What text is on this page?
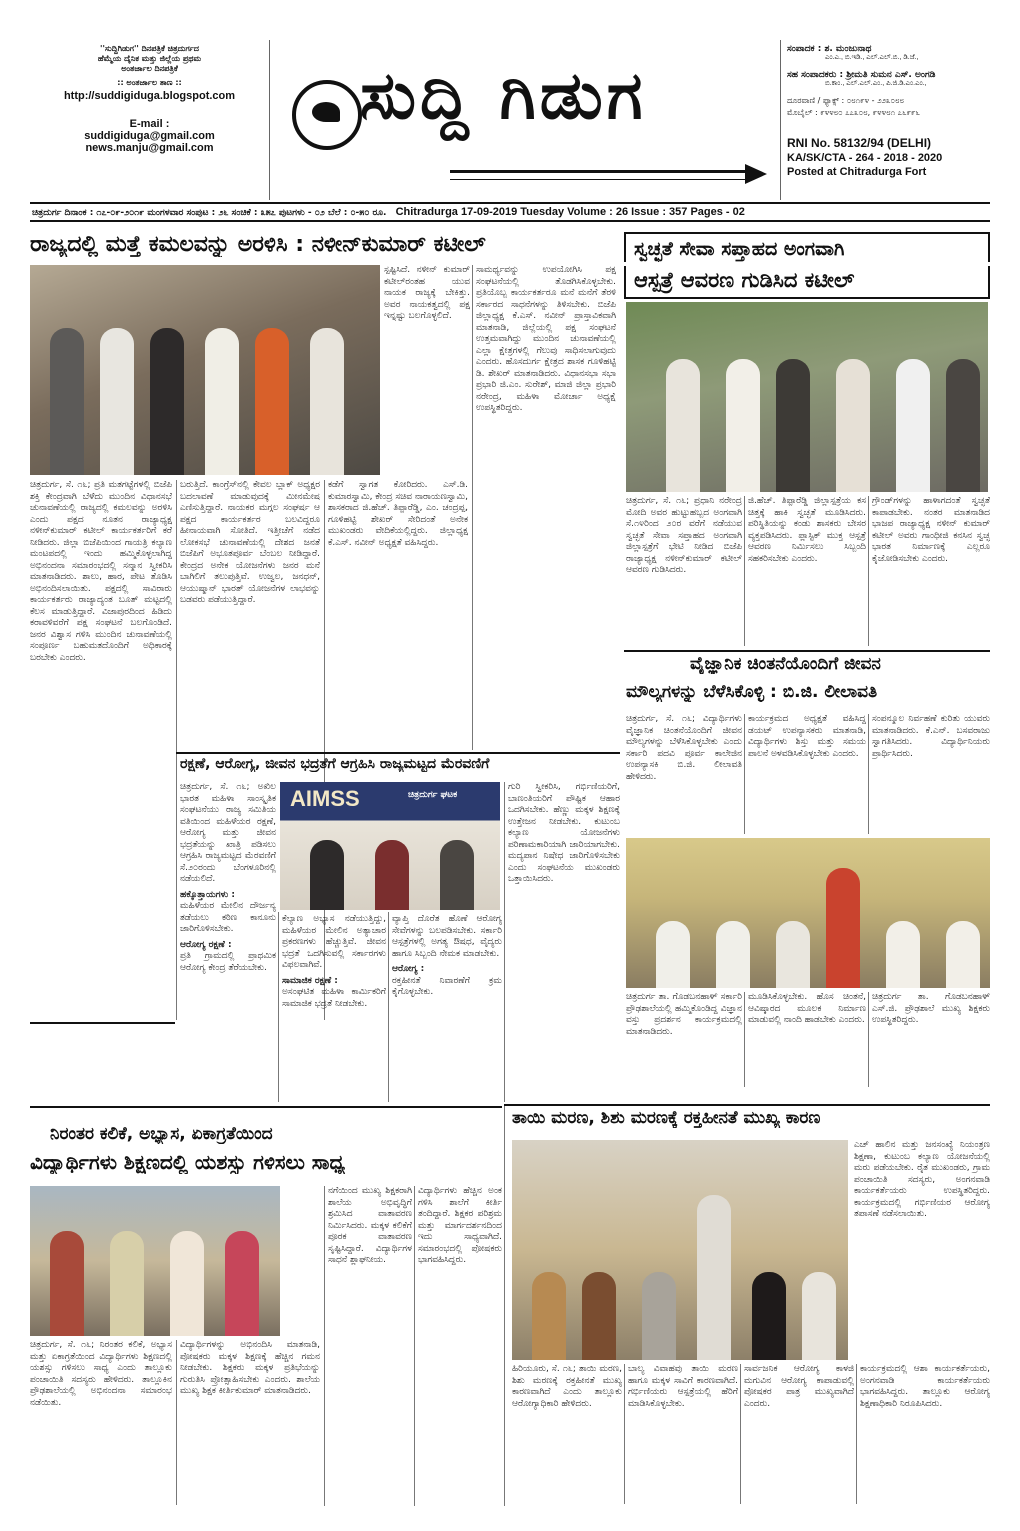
''ಸುದ್ದಿಗಿಡುಗ'' ದಿನಪತ್ರಿಕೆ ಚಿತ್ರದುರ್ಗದ
ಹೆಮ್ಮೆಯ ದೈನಿಕ ಮತ್ತು ಜಿಲ್ಲೆಯ ಪ್ರಥಮ
ಅಂತರ್ಜಾಲ ದಿನಪತ್ರಿಕೆ
:: ಅಂತರ್ಜಾಲ ತಾಣ ::
http://suddigiduga.blogspot.com
E-mail :
suddigiduga@gmail.com
news.manju@gmail.com
ಸುದ್ದಿ ಗಿಡುಗ
ಸಂಪಾದಕ : ಶ. ಮಂಜುನಾಥ
ಎಂ.ಎ., ಬಿ.ಇಡಿ., ಎಲ್.ಎಲ್.ಬಿ., ಡಿ.ಜೆ.,
ಸಹ ಸಂಪಾದಕರು : ಶ್ರೀಮತಿ ಸುಮನ ಎಸ್. ಅಂಗಡಿ
ಬಿ.ಕಾಂ., ಎಲ್.ಎಲ್.ಎಂ., ಪಿ.ಜಿ.ಡಿ.ಎಂ.ಎಂ.,
ದೂರವಾಣಿ / ಫ್ಯಾಕ್ಸ್ : ೦೮೧೯೪ - ೨೨೩೦೮೮
ಮೊಬೈಲ್ : ೯೪೪೮೦ ೭೭೩೦೮, ೯೪೪೮೧ ೭೬೯೯೬
RNI No. 58132/94 (DELHI)
KA/SK/CTA - 264 - 2018 - 2020
Posted at Chitradurga Fort
ಚಿತ್ರದುರ್ಗ ದಿನಾಂಕ : ೧೭-೦೯-೨೦೧೯ ಮಂಗಳವಾರ ಸಂಪುಟ : ೨೬ ಸಂಚಿಕೆ : ೩೫೭ ಪುಟಗಳು - ೦೨ ಬೆಲೆ : ೦-೫೦ ರೂ. Chitradurga 17-09-2019 Tuesday Volume : 26 Issue : 357 Pages - 02
ರಾಜ್ಯದಲ್ಲಿ ಮತ್ತೆ ಕಮಲವನ್ನು ಅರಳಿಸಿ : ನಳೀನ್‌ಕುಮಾರ್ ಕಟೀಲ್
ಚಿತ್ರದುರ್ಗ, ಸೆ. ೧೬; ಪ್ರತಿ ಮತಗಟ್ಟೆಗಳಲ್ಲಿ ಬಿಜೆಪಿ ಶಕ್ತಿ ಕೇಂದ್ರವಾಗಿ ಬೆಳೆದು ಮುಂದಿನ ವಿಧಾನಸಭೆ ಚುನಾವಣೆಯಲ್ಲಿ ರಾಜ್ಯದಲ್ಲಿ ಕಮಲವನ್ನು ಅರಳಿಸಿ ಎಂದು ಪಕ್ಷದ ನೂತನ ರಾಜ್ಯಾಧ್ಯಕ್ಷ ನಳೀನ್‌ಕುಮಾರ್ ಕಟೀಲ್ ಕಾರ್ಯಕರ್ತರಿಗೆ ಕರೆ ನೀಡಿದರು. ಜಿಲ್ಲಾ ಬಿಜೆಪಿಯಿಂದ ಗಾಯತ್ರಿ ಕಲ್ಯಾಣ ಮಂಟಪದಲ್ಲಿ ಇಂದು ಹಮ್ಮಿಕೊಳ್ಳಲಾಗಿದ್ದ ಅಭಿನಂದನಾ ಸಮಾರಂಭದಲ್ಲಿ ಸನ್ಮಾನ ಸ್ವೀಕರಿಸಿ ಮಾತನಾಡಿದರು. ಶಾಲು, ಹಾರ, ಪೇಟ ತೊಡಿಸಿ ಅಭಿನಂದಿಸಲಾಯಿತು. ಪಕ್ಷದಲ್ಲಿ ಸಾವಿರಾರು ಕಾರ್ಯಕರ್ತರು ರಾಜ್ಯಾದ್ಯಂತ ಬೂತ್ ಮಟ್ಟದಲ್ಲಿ ಕೆಲಸ ಮಾಡುತ್ತಿದ್ದಾರೆ. ವಿಜಾಪುರದಿಂದ ಹಿಡಿದು ಕರಾವಳಿವರೆಗೆ ಪಕ್ಷ ಸಂಘಟನೆ ಬಲಗೊಂಡಿದೆ. ಜನರ ವಿಶ್ವಾಸ ಗಳಿಸಿ ಮುಂದಿನ ಚುನಾವಣೆಯಲ್ಲಿ ಸಂಪೂರ್ಣ ಬಹುಮತದೊಂದಿಗೆ ಅಧಿಕಾರಕ್ಕೆ ಬರಬೇಕು ಎಂದರು.
ಬರುತ್ತಿದೆ. ಕಾಂಗ್ರೆಸ್‌ನಲ್ಲಿ ಕೇವಲ ಬ್ಲಾಕ್ ಅಧ್ಯಕ್ಷರ ಬದಲಾವಣೆ ಮಾಡುವುದಕ್ಕೆ ಮೀನಮೇಷ ಎಣಿಸುತ್ತಿದ್ದಾರೆ. ನಾಯಕರ ಮಗ್ಗಲ ಸಂಘರ್ಷ ಆ ಪಕ್ಷದ ಕಾರ್ಯಕರ್ತರ ಬಲವಿದ್ದರೂ ಹೀನಾಯವಾಗಿ ಸೋತಿದೆ. ಇತ್ತೀಚೆಗೆ ನಡೆದ ಲೋಕಸಭೆ ಚುನಾವಣೆಯಲ್ಲಿ ದೇಶದ ಜನತೆ ಬಿಜೆಪಿಗೆ ಅಭೂತಪೂರ್ವ ಬೆಂಬಲ ನೀಡಿದ್ದಾರೆ. ಕೇಂದ್ರದ ಅನೇಕ ಯೋಜನೆಗಳು ಜನರ ಮನೆ ಬಾಗಿಲಿಗೆ ತಲುಪುತ್ತಿವೆ. ಉಜ್ವಲ, ಜನಧನ್, ಆಯುಷ್ಮಾನ್ ಭಾರತ್ ಯೋಜನೆಗಳ ಲಾಭವನ್ನು ಬಡವರು ಪಡೆಯುತ್ತಿದ್ದಾರೆ.
ಕಡೆಗೆ ಸ್ವಾಗತ ಕೋರಿದರು. ಎಸ್.ಡಿ. ಕುಮಾರಸ್ವಾಮಿ, ಕೇಂದ್ರ ಸಚಿವ ನಾರಾಯಣಸ್ವಾಮಿ, ಶಾಸಕರಾದ ಜಿ.ಹೆಚ್. ತಿಪ್ಪಾರೆಡ್ಡಿ, ಎಂ. ಚಂದ್ರಪ್ಪ, ಗೂಳಿಹಟ್ಟಿ ಶೇಖರ್ ಸೇರಿದಂತೆ ಅನೇಕ ಮುಖಂಡರು ವೇದಿಕೆಯಲ್ಲಿದ್ದರು. ಜಿಲ್ಲಾಧ್ಯಕ್ಷ ಕೆ.ಎಸ್. ನವೀನ್ ಅಧ್ಯಕ್ಷತೆ ವಹಿಸಿದ್ದರು.
ಸ್ಪಷ್ಟಿಸಿದೆ. ನಳೀನ್ ಕುಮಾರ್ ಕಟೀಲ್‌ರಂತಹ ಯುವ ನಾಯಕ ರಾಜ್ಯಕ್ಕೆ ಬೇಕಿತ್ತು. ಅವರ ನಾಯಕತ್ವದಲ್ಲಿ ಪಕ್ಷ ಇನ್ನಷ್ಟು ಬಲಗೊಳ್ಳಲಿದೆ.
ಸಾಮರ್ಥ್ಯವನ್ನು ಉಪಯೋಗಿಸಿ ಪಕ್ಷ ಸಂಘಟನೆಯಲ್ಲಿ ತೊಡಗಿಸಿಕೊಳ್ಳಬೇಕು. ಪ್ರತಿಯೊಬ್ಬ ಕಾರ್ಯಕರ್ತರೂ ಮನೆ ಮನೆಗೆ ತೆರಳಿ ಸರ್ಕಾರದ ಸಾಧನೆಗಳನ್ನು ತಿಳಿಸಬೇಕು. ಬಿಜೆಪಿ ಜಿಲ್ಲಾಧ್ಯಕ್ಷ ಕೆ.ಎಸ್. ನವೀನ್ ಪ್ರಾಸ್ತಾವಿಕವಾಗಿ ಮಾತನಾಡಿ, ಜಿಲ್ಲೆಯಲ್ಲಿ ಪಕ್ಷ ಸಂಘಟನೆ ಉತ್ತಮವಾಗಿದ್ದು ಮುಂದಿನ ಚುನಾವಣೆಯಲ್ಲಿ ಎಲ್ಲಾ ಕ್ಷೇತ್ರಗಳಲ್ಲಿ ಗೆಲುವು ಸಾಧಿಸಲಾಗುವುದು ಎಂದರು. ಹೊಸದುರ್ಗ ಕ್ಷೇತ್ರದ ಶಾಸಕ ಗೂಳಿಹಟ್ಟಿ ಡಿ. ಶೇಖರ್ ಮಾತನಾಡಿದರು. ವಿಧಾನಸಭಾ ಸಭಾ ಪ್ರಭಾರಿ ಜಿ.ಎಂ. ಸುರೇಶ್, ಮಾಜಿ ಜಿಲ್ಲಾ ಪ್ರಭಾರಿ ನರೇಂದ್ರ, ಮಹಿಳಾ ಮೋರ್ಚಾ ಅಧ್ಯಕ್ಷೆ ಉಪಸ್ಥಿತರಿದ್ದರು.
ಸ್ವಚ್ಛತೆ ಸೇವಾ ಸಪ್ತಾಹದ ಅಂಗವಾಗಿ
ಆಸ್ಪತ್ರೆ ಆವರಣ ಗುಡಿಸಿದ ಕಟೀಲ್
ಚಿತ್ರದುರ್ಗ, ಸೆ. ೧೬; ಪ್ರಧಾನಿ ನರೇಂದ್ರ ಮೋದಿ ಅವರ ಹುಟ್ಟುಹಬ್ಬದ ಅಂಗವಾಗಿ ಸೆ.೧೪ರಿಂದ ೨೦ರ ವರೆಗೆ ನಡೆಯುವ ಸ್ವಚ್ಛತೆ ಸೇವಾ ಸಪ್ತಾಹದ ಅಂಗವಾಗಿ ಜಿಲ್ಲಾಸ್ಪತ್ರೆಗೆ ಭೇಟಿ ನೀಡಿದ ಬಿಜೆಪಿ ರಾಜ್ಯಾಧ್ಯಕ್ಷ ನಳೀನ್‌ಕುಮಾರ್ ಕಟೀಲ್ ಆವರಣ ಗುಡಿಸಿದರು.
ಜಿ.ಹೆಚ್. ತಿಪ್ಪಾರೆಡ್ಡಿ ಜಿಲ್ಲಾಸ್ಪತ್ರೆಯ ಕಸ ಚಿತ್ತಕ್ಕೆ ಹಾಕಿ ಸ್ವಚ್ಛತೆ ಮೂಡಿಸಿದರು. ಪರಿಸ್ಥಿತಿಯನ್ನು ಕಂಡು ಶಾಸಕರು ಬೇಸರ ವ್ಯಕ್ತಪಡಿಸಿದರು. ಪ್ಲಾಸ್ಟಿಕ್ ಮುಕ್ತ ಆಸ್ಪತ್ರೆ ಆವರಣ ನಿರ್ಮಿಸಲು ಸಿಬ್ಬಂದಿ ಸಹಕರಿಸಬೇಕು ಎಂದರು.
ಗ್ರೌಂಡ್‌ಗಳನ್ನು ಹಾಳಾಗದಂತೆ ಸ್ವಚ್ಛತೆ ಕಾಪಾಡಬೇಕು. ನಂತರ ಮಾತನಾಡಿದ ಭಾಜಪ ರಾಜ್ಯಾಧ್ಯಕ್ಷ ನಳೀನ್ ಕುಮಾರ್ ಕಟೀಲ್ ಅವರು ಗಾಂಧೀಜಿ ಕನಸಿನ ಸ್ವಚ್ಛ ಭಾರತ ನಿರ್ಮಾಣಕ್ಕೆ ಎಲ್ಲರೂ ಕೈಜೋಡಿಸಬೇಕು ಎಂದರು.
ವೈಜ್ಞಾನಿಕ ಚಿಂತನೆಯೊಂದಿಗೆ ಜೀವನ
ಮೌಲ್ಯಗಳನ್ನು ಬೆಳೆಸಿಕೊಳ್ಳಿ : ಬಿ.ಜಿ. ಲೀಲಾವತಿ
ಚಿತ್ರದುರ್ಗ, ಸೆ. ೧೬; ವಿದ್ಯಾರ್ಥಿಗಳು ವೈಜ್ಞಾನಿಕ ಚಿಂತನೆಯೊಂದಿಗೆ ಜೀವನ ಮೌಲ್ಯಗಳನ್ನು ಬೆಳೆಸಿಕೊಳ್ಳಬೇಕು ಎಂದು ಸರ್ಕಾರಿ ಪದವಿ ಪೂರ್ವ ಕಾಲೇಜಿನ ಉಪನ್ಯಾಸಕಿ ಬಿ.ಜಿ. ಲೀಲಾವತಿ ಹೇಳಿದರು.
ಕಾರ್ಯಕ್ರಮದ ಅಧ್ಯಕ್ಷತೆ ವಹಿಸಿದ್ದ ಡಯಟ್ ಉಪನ್ಯಾಸಕರು ಮಾತನಾಡಿ, ವಿದ್ಯಾರ್ಥಿಗಳು ಶಿಸ್ತು ಮತ್ತು ಸಮಯ ಪಾಲನೆ ಅಳವಡಿಸಿಕೊಳ್ಳಬೇಕು ಎಂದರು.
ಸಂಪನ್ಮೂಲ ನಿರ್ವಹಣೆ ಕುರಿತು ಯುವರು ಮಾತನಾಡಿದರು. ಕೆ.ಎನ್. ಬಸವರಾಜು ಸ್ವಾಗತಿಸಿದರು. ವಿದ್ಯಾರ್ಥಿನಿಯರು ಪ್ರಾರ್ಥಿಸಿದರು.
ಚಿತ್ರದುರ್ಗ ತಾ. ಗೊಡಬನಹಾಳ್ ಸರ್ಕಾರಿ ಪ್ರೌಢಶಾಲೆಯಲ್ಲಿ ಹಮ್ಮಿಕೊಂಡಿದ್ದ ವಿಜ್ಞಾನ ವಸ್ತು ಪ್ರದರ್ಶನ ಕಾರ್ಯಕ್ರಮದಲ್ಲಿ ಮಾತನಾಡಿದರು.
ಮೂಡಿಸಿಕೊಳ್ಳಬೇಕು. ಹೊಸ ಚಿಂತನೆ, ಆವಿಷ್ಕಾರದ ಮೂಲಕ ನಿರ್ಮಾಣ ಮಾಡುವಲ್ಲಿ ನಾಂದಿ ಹಾಡಬೇಕು ಎಂದರು.
ಚಿತ್ರದುರ್ಗ ತಾ. ಗೊಡಬನಹಾಳ್ ಎಸ್.ಜಿ. ಪ್ರೌಢಶಾಲೆ ಮುಖ್ಯ ಶಿಕ್ಷಕರು ಉಪಸ್ಥಿತರಿದ್ದರು.
ರಕ್ಷಣೆ, ಆರೋಗ್ಯ, ಜೀವನ ಭದ್ರತೆಗೆ ಆಗ್ರಹಿಸಿ ರಾಜ್ಯಮಟ್ಟದ ಮೆರವಣಿಗೆ
ಚಿತ್ರದುರ್ಗ, ಸೆ. ೧೬; ಅಖಿಲ ಭಾರತ ಮಹಿಳಾ ಸಾಂಸ್ಕೃತಿಕ ಸಂಘಟನೆಯು ರಾಜ್ಯ ಸಮಿತಿಯ ವತಿಯಿಂದ ಮಹಿಳೆಯರ ರಕ್ಷಣೆ, ಆರೋಗ್ಯ ಮತ್ತು ಜೀವನ ಭದ್ರತೆಯನ್ನು ಖಾತ್ರಿ ಪಡಿಸಲು ಆಗ್ರಹಿಸಿ ರಾಜ್ಯಮಟ್ಟದ ಮೆರವಣಿಗೆ ಸೆ.೨೦ರಂದು ಬೆಂಗಳೂರಿನಲ್ಲಿ ನಡೆಯಲಿದೆ.
ಹಕ್ಕೊತ್ತಾಯಗಳು :
ಮಹಿಳೆಯರ ಮೇಲಿನ ದೌರ್ಜನ್ಯ ತಡೆಯಲು ಕಠಿಣ ಕಾನೂನು ಜಾರಿಗೊಳಿಸಬೇಕು.
ಆರೋಗ್ಯ ರಕ್ಷಣೆ :
ಪ್ರತಿ ಗ್ರಾಮದಲ್ಲಿ ಪ್ರಾಥಮಿಕ ಆರೋಗ್ಯ ಕೇಂದ್ರ ತೆರೆಯಬೇಕು.
AIMSS	ಚಿತ್ರದುರ್ಗ ಘಟಕ
ಕೆಲ್ಯಾಣ ಅಭ್ಯಾಸ ನಡೆಯುತ್ತಿದ್ದು, ಮಹಿಳೆಯರ ಮೇಲಿನ ಅತ್ಯಾಚಾರ ಪ್ರಕರಣಗಳು ಹೆಚ್ಚುತ್ತಿವೆ. ಜೀವನ ಭದ್ರತೆ ಒದಗಿಸುವಲ್ಲಿ ಸರ್ಕಾರಗಳು ವಿಫಲವಾಗಿವೆ.
ಸಾಮಾಜಿಕ ರಕ್ಷಣೆ :
ಅಸಂಘಟಿತ ಮಹಿಳಾ ಕಾರ್ಮಿಕರಿಗೆ ಸಾಮಾಜಿಕ ಭದ್ರತೆ ನೀಡಬೇಕು.
ವ್ಯಾಪ್ತಿ ದೊರೆತ ಹೊಣೆ ಆರೋಗ್ಯ ಸೇವೆಗಳನ್ನು ಬಲಪಡಿಸಬೇಕು. ಸರ್ಕಾರಿ ಆಸ್ಪತ್ರೆಗಳಲ್ಲಿ ಅಗತ್ಯ ಔಷಧ, ವೈದ್ಯರು ಹಾಗೂ ಸಿಬ್ಬಂದಿ ನೇಮಕ ಮಾಡಬೇಕು.
ಆರೋಗ್ಯ :
ರಕ್ತಹೀನತೆ ನಿವಾರಣೆಗೆ ಕ್ರಮ ಕೈಗೊಳ್ಳಬೇಕು.
ಗುರಿ ಸ್ವೀಕರಿಸಿ, ಗರ್ಭಿಣಿಯರಿಗೆ, ಬಾಣಂತಿಯರಿಗೆ ಪೌಷ್ಟಿಕ ಆಹಾರ ಒದಗಿಸಬೇಕು. ಹೆಣ್ಣು ಮಕ್ಕಳ ಶಿಕ್ಷಣಕ್ಕೆ ಉತ್ತೇಜನ ನೀಡಬೇಕು. ಕುಟುಂಬ ಕಲ್ಯಾಣ ಯೋಜನೆಗಳು ಪರಿಣಾಮಕಾರಿಯಾಗಿ ಜಾರಿಯಾಗಬೇಕು. ಮದ್ಯಪಾನ ನಿಷೇಧ ಜಾರಿಗೊಳಿಸಬೇಕು ಎಂದು ಸಂಘಟನೆಯ ಮುಖಂಡರು ಒತ್ತಾಯಿಸಿದರು.
ತಾಯಿ ಮರಣ, ಶಿಶು ಮರಣಕ್ಕೆ ರಕ್ತಹೀನತೆ ಮುಖ್ಯ ಕಾರಣ
ಎಚ್ ಹಾಲಿನ ಮತ್ತು ಜನಸಂಖ್ಯೆ ನಿಯಂತ್ರಣ ಶಿಕ್ಷಣಾ, ಕುಟುಂಬ ಕಲ್ಯಾಣ ಯೋಜನೆಯಲ್ಲಿ ಮರು ಪಡೆಯಬೇಕು. ರೈತ ಮುಖಂಡರು, ಗ್ರಾಮ ಪಂಚಾಯಿತಿ ಸದಸ್ಯರು, ಅಂಗನವಾಡಿ ಕಾರ್ಯಕರ್ತೆಯರು ಉಪಸ್ಥಿತರಿದ್ದರು. ಕಾರ್ಯಕ್ರಮದಲ್ಲಿ ಗರ್ಭಿಣಿಯರ ಆರೋಗ್ಯ ತಪಾಸಣೆ ನಡೆಸಲಾಯಿತು.
ಹಿರಿಯೂರು, ಸೆ. ೧೬; ತಾಯಿ ಮರಣ, ಶಿಶು ಮರಣಕ್ಕೆ ರಕ್ತಹೀನತೆ ಮುಖ್ಯ ಕಾರಣವಾಗಿದೆ ಎಂದು ತಾಲ್ಲೂಕು ಆರೋಗ್ಯಾಧಿಕಾರಿ ಹೇಳಿದರು.
ಬಾಲ್ಯ ವಿವಾಹವು ತಾಯಿ ಮರಣ ಹಾಗೂ ಮಕ್ಕಳ ಸಾವಿಗೆ ಕಾರಣವಾಗಿದೆ. ಗರ್ಭಿಣಿಯರು ಆಸ್ಪತ್ರೆಯಲ್ಲಿ ಹೆರಿಗೆ ಮಾಡಿಸಿಕೊಳ್ಳಬೇಕು.
ಸಾರ್ವಜನಿಕ ಆರೋಗ್ಯ ಕಾಳಜಿ ಮಗುವಿನ ಆರೋಗ್ಯ ಕಾಪಾಡುವಲ್ಲಿ ಪೋಷಕರ ಪಾತ್ರ ಮುಖ್ಯವಾಗಿದೆ ಎಂದರು.
ಕಾರ್ಯಕ್ರಮದಲ್ಲಿ ಆಶಾ ಕಾರ್ಯಕರ್ತೆಯರು, ಅಂಗನವಾಡಿ ಕಾರ್ಯಕರ್ತೆಯರು ಭಾಗವಹಿಸಿದ್ದರು. ತಾಲ್ಲೂಕು ಆರೋಗ್ಯ ಶಿಕ್ಷಣಾಧಿಕಾರಿ ನಿರೂಪಿಸಿದರು.
ನಿರಂತರ ಕಲಿಕೆ, ಅಭ್ಯಾಸ, ಏಕಾಗ್ರತೆಯಿಂದ
ವಿದ್ಯಾರ್ಥಿಗಳು ಶಿಕ್ಷಣದಲ್ಲಿ ಯಶಸ್ಸು ಗಳಿಸಲು ಸಾಧ್ಯ
ಚಿತ್ರದುರ್ಗ, ಸೆ. ೧೬; ನಿರಂತರ ಕಲಿಕೆ, ಅಭ್ಯಾಸ ಮತ್ತು ಏಕಾಗ್ರತೆಯಿಂದ ವಿದ್ಯಾರ್ಥಿಗಳು ಶಿಕ್ಷಣದಲ್ಲಿ ಯಶಸ್ಸು ಗಳಿಸಲು ಸಾಧ್ಯ ಎಂದು ತಾಲ್ಲೂಕು ಪಂಚಾಯಿತಿ ಸದಸ್ಯರು ಹೇಳಿದರು. ತಾಲ್ಲೂಕಿನ ಪ್ರೌಢಶಾಲೆಯಲ್ಲಿ ಅಭಿನಂದನಾ ಸಮಾರಂಭ ನಡೆಯಿತು.
ವಿದ್ಯಾರ್ಥಿಗಳನ್ನು ಅಭಿನಂದಿಸಿ ಮಾತನಾಡಿ, ಪೋಷಕರು ಮಕ್ಕಳ ಶಿಕ್ಷಣಕ್ಕೆ ಹೆಚ್ಚಿನ ಗಮನ ನೀಡಬೇಕು. ಶಿಕ್ಷಕರು ಮಕ್ಕಳ ಪ್ರತಿಭೆಯನ್ನು ಗುರುತಿಸಿ ಪ್ರೋತ್ಸಾಹಿಸಬೇಕು ಎಂದರು. ಶಾಲೆಯ ಮುಖ್ಯ ಶಿಕ್ಷಕ ಕೀರ್ತಿಕುಮಾರ್ ಮಾತನಾಡಿದರು.
ನಗೆಯಿಂದ ಮುಖ್ಯ ಶಿಕ್ಷಕರಾಗಿ ಶಾಲೆಯ ಅಭಿವೃದ್ಧಿಗೆ ಶ್ರಮಿಸಿದ ವಾತಾವರಣ ನಿರ್ಮಿಸಿದರು. ಮಕ್ಕಳ ಕಲಿಕೆಗೆ ಪೂರಕ ವಾತಾವರಣ ಸೃಷ್ಟಿಸಿದ್ದಾರೆ. ವಿದ್ಯಾರ್ಥಿಗಳ ಸಾಧನೆ ಶ್ಲಾಘನೀಯ.
ವಿದ್ಯಾರ್ಥಿಗಳು ಹೆಚ್ಚಿನ ಅಂಕ ಗಳಿಸಿ ಶಾಲೆಗೆ ಕೀರ್ತಿ ತಂದಿದ್ದಾರೆ. ಶಿಕ್ಷಕರ ಪರಿಶ್ರಮ ಮತ್ತು ಮಾರ್ಗದರ್ಶನದಿಂದ ಇದು ಸಾಧ್ಯವಾಗಿದೆ. ಸಮಾರಂಭದಲ್ಲಿ ಪೋಷಕರು ಭಾಗವಹಿಸಿದ್ದರು.
